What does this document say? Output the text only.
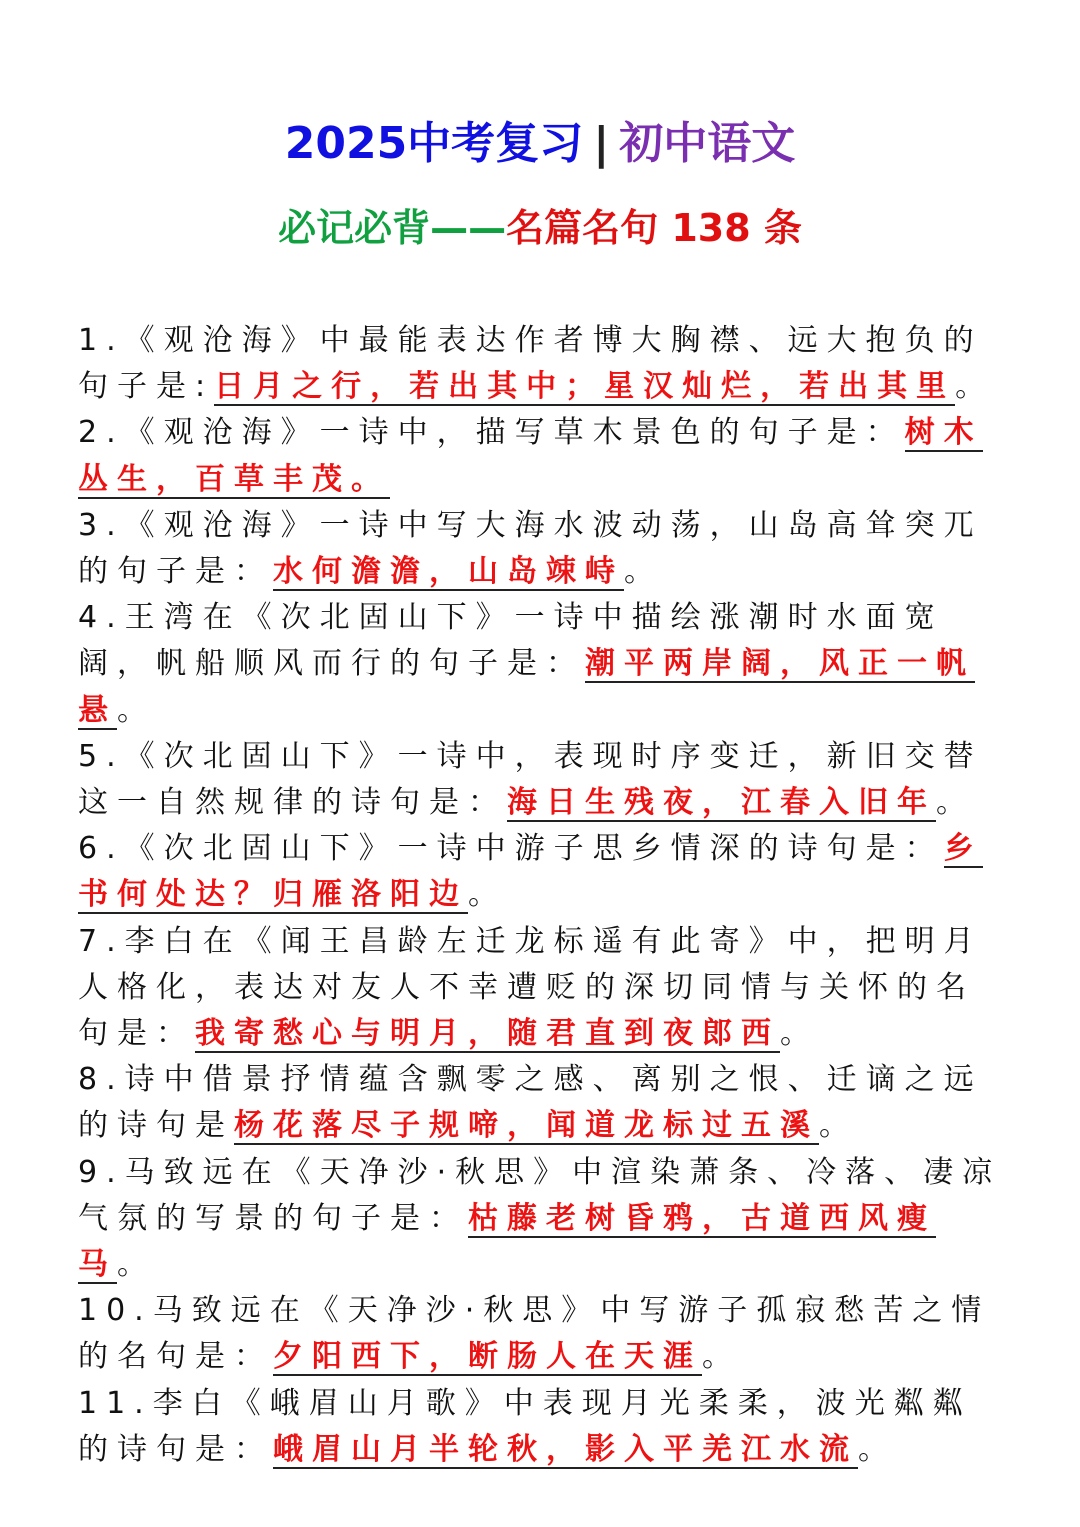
2025中考复习 | 初中语文
必记必背——名篇名句 138 条

1.《观沧海》中最能表达作者博大胸襟、远大抱负的句子是:日月之行，若出其中；星汉灿烂，若出其里。

2.《观沧海》一诗中，描写草木景色的句子是：树木丛生，百草丰茂。

3.《观沧海》一诗中写大海水波动荡，山岛高耸突兀的句子是：水何澹澹，山岛竦峙。

4.王湾在《次北固山下》一诗中描绘涨潮时水面宽阔，帆船顺风而行的句子是：潮平两岸阔，风正一帆悬。

5.《次北固山下》一诗中，表现时序变迁，新旧交替这一自然规律的诗句是：海日生残夜，江春入旧年。

6.《次北固山下》一诗中游子思乡情深的诗句是：乡书何处达？归雁洛阳边。

7.李白在《闻王昌龄左迁龙标遥有此寄》中，把明月人格化，表达对友人不幸遭贬的深切同情与关怀的名句是：我寄愁心与明月，随君直到夜郎西。

8.诗中借景抒情蕴含飘零之感、离别之恨、迁谪之远的诗句是杨花落尽子规啼，闻道龙标过五溪。

9.马致远在《天净沙·秋思》中渲染萧条、冷落、凄凉气氛的写景的句子是：枯藤老树昏鸦，古道西风瘦马。

10.马致远在《天净沙·秋思》中写游子孤寂愁苦之情的名句是：夕阳西下，断肠人在天涯。

11.李白《峨眉山月歌》中表现月光柔柔，波光粼粼的诗句是：峨眉山月半轮秋，影入平羌江水流。
